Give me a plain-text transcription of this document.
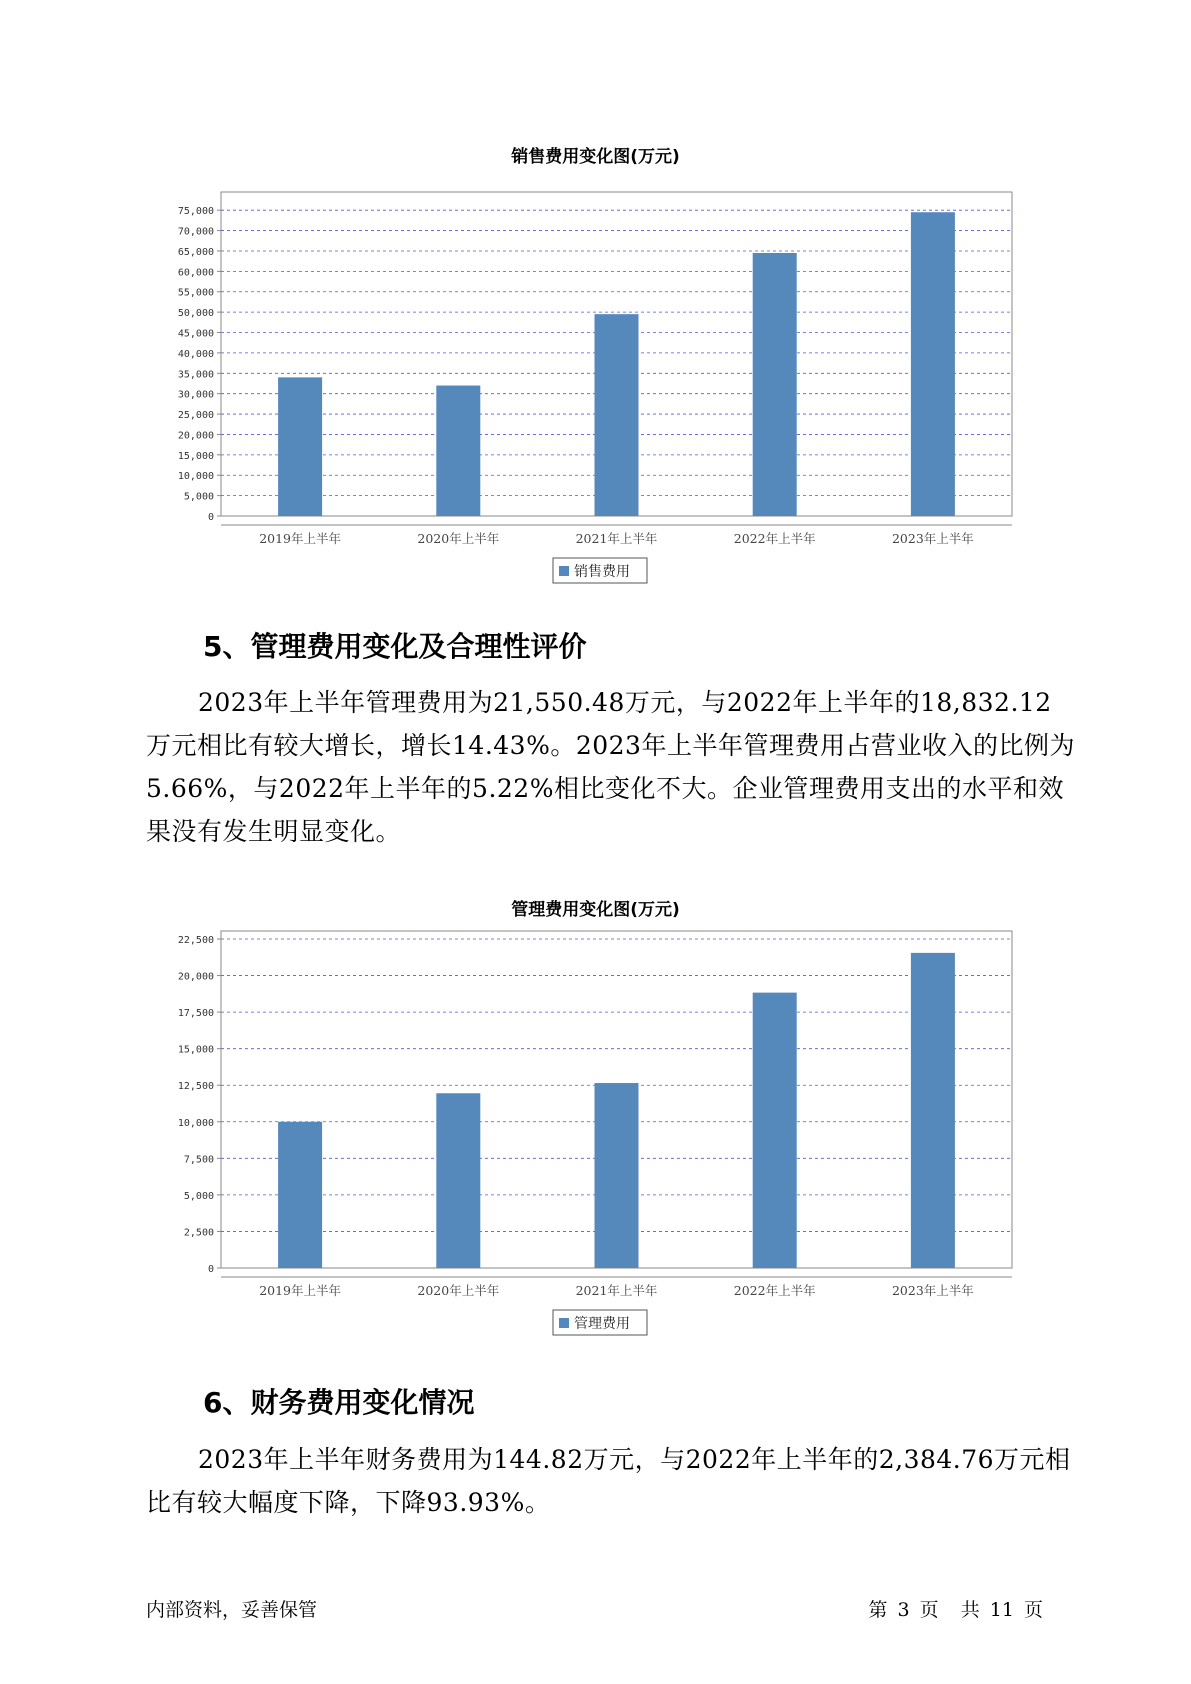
销售费用变化图(万元)
0
5,000
10,000
15,000
20,000
25,000
30,000
35,000
40,000
45,000
50,000
55,000
60,000
65,000
70,000
75,000
2019年上半年	2020年上半年	2021年上半年	2022年上半年	2023年上半年
销售费用
5、管理费用变化及合理性评价

2023年上半年管理费用为21,550.48万元，与2022年上半年的18,832.12万元相比有较大增长，增长14.43%。2023年上半年管理费用占营业收入的比例为5.66%，与2022年上半年的5.22%相比变化不大。企业管理费用支出的水平和效果没有发生明显变化。

管理费用变化图(万元)
0
2,500
5,000
7,500
10,000
12,500
15,000
17,500
20,000
22,500
2019年上半年	2020年上半年	2021年上半年	2022年上半年	2023年上半年
管理费用
6、财务费用变化情况

2023年上半年财务费用为144.82万元，与2022年上半年的2,384.76万元相比有较大幅度下降，下降93.93%。

内部资料，妥善保管	第 3 页 共 11 页
